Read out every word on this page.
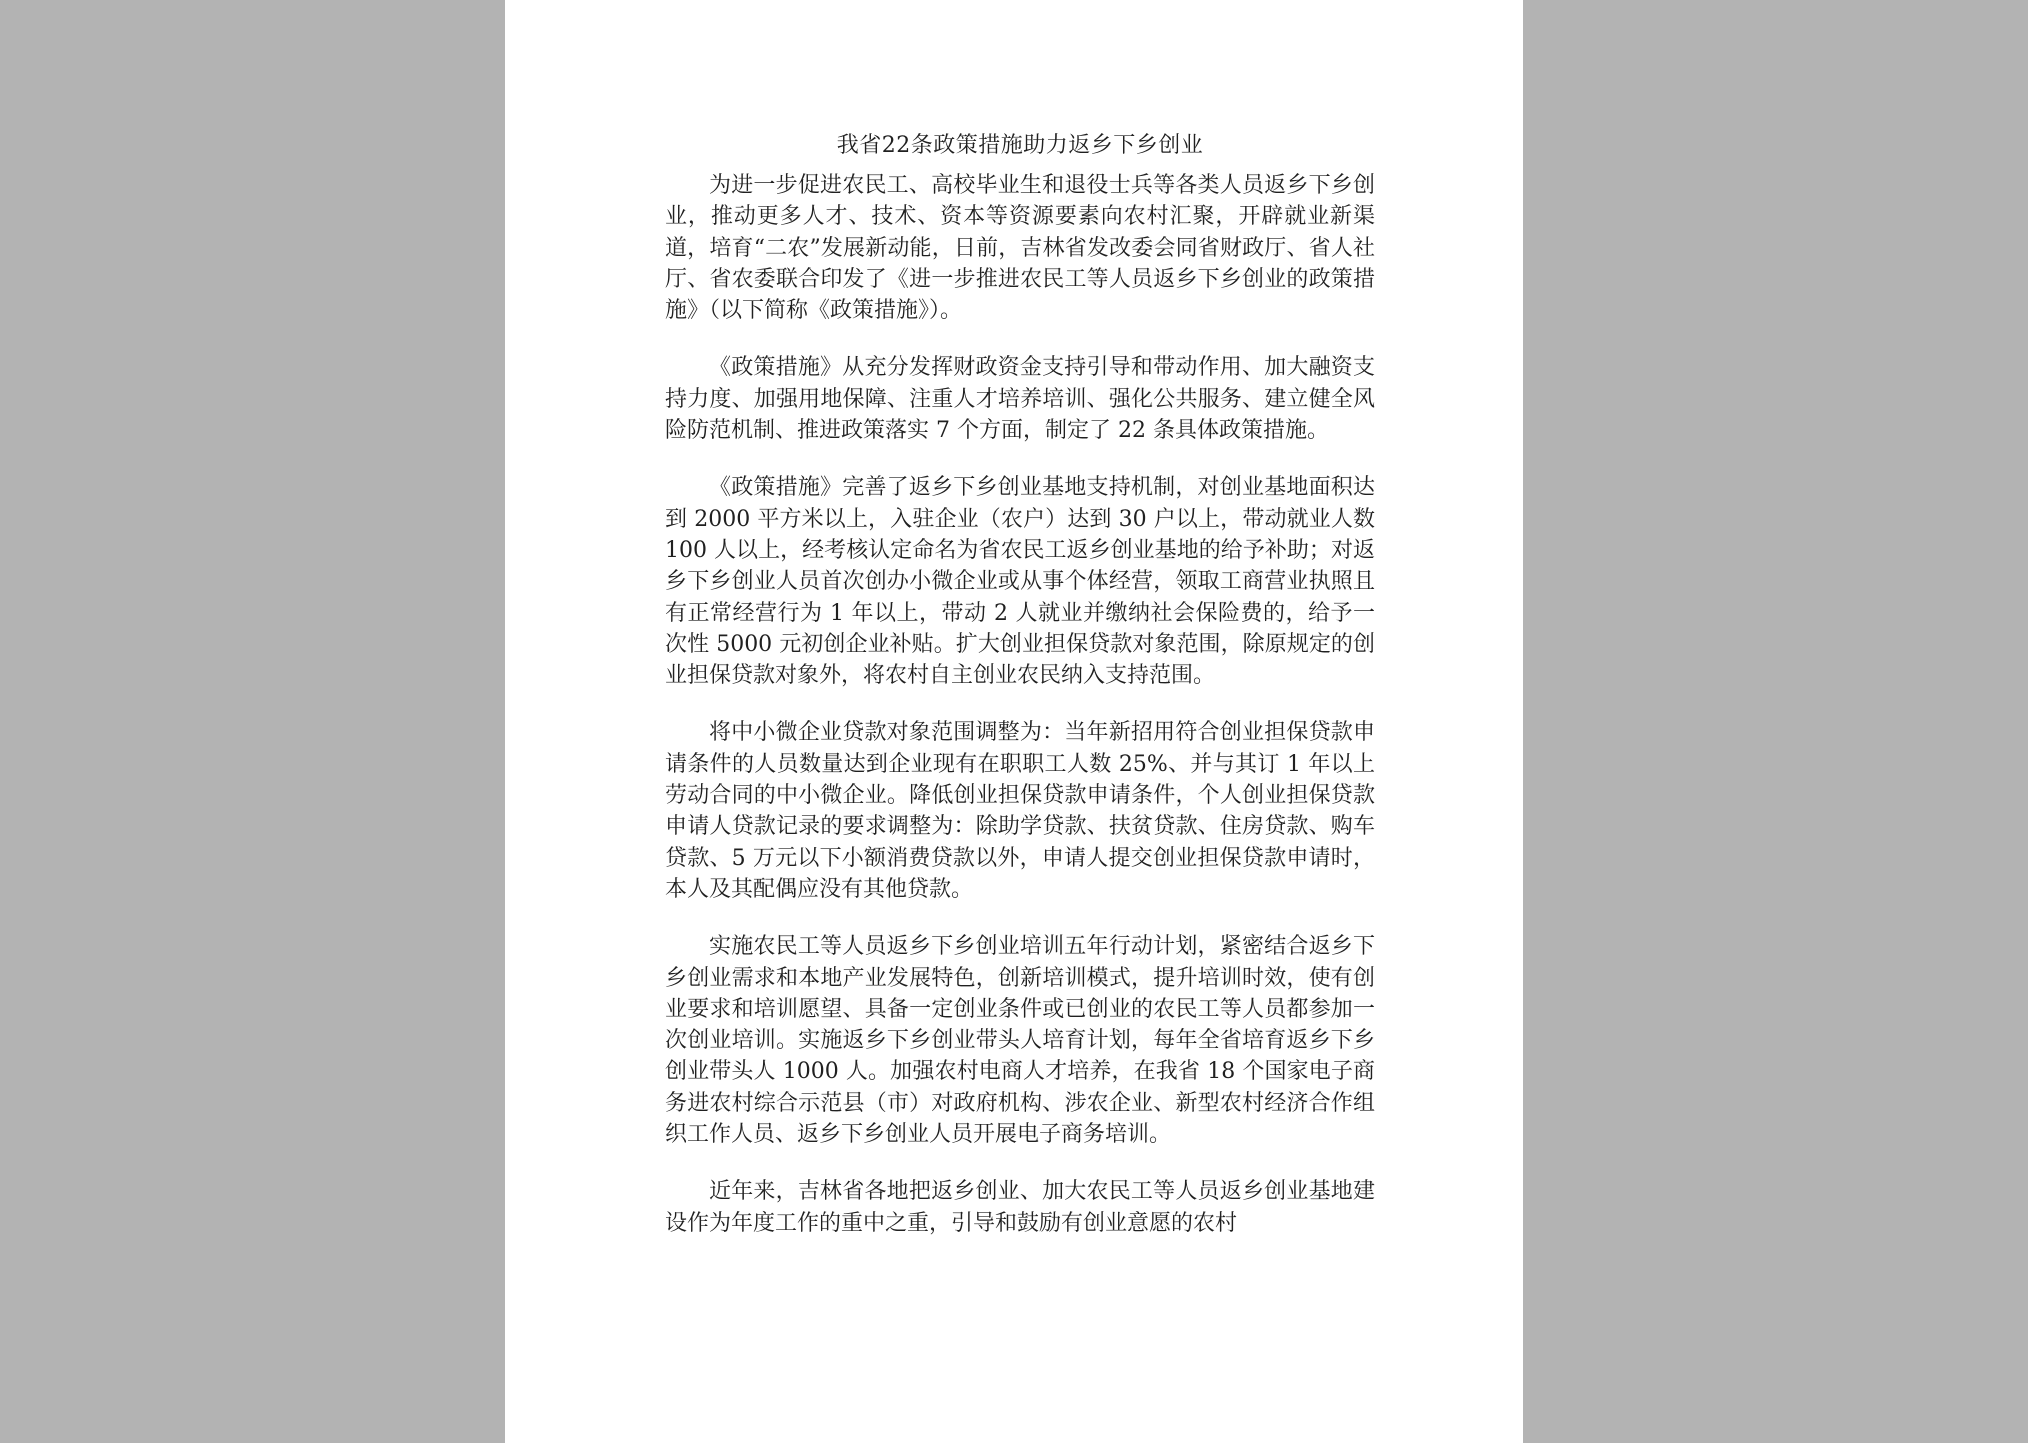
我省22条政策措施助力返乡下乡创业

为进一步促进农民工、高校毕业生和退役士兵等各类人员返乡下乡创业，推动更多人才、技术、资本等资源要素向农村汇聚，开辟就业新渠道，培育“二农”发展新动能，日前，吉林省发改委会同省财政厅、省人社厅、省农委联合印发了《进一步推进农民工等人员返乡下乡创业的政策措施》（以下简称《政策措施》）。

《政策措施》从充分发挥财政资金支持引导和带动作用、加大融资支持力度、加强用地保障、注重人才培养培训、强化公共服务、建立健全风险防范机制、推进政策落实 7 个方面，制定了 22 条具体政策措施。

《政策措施》完善了返乡下乡创业基地支持机制，对创业基地面积达到 2000 平方米以上，入驻企业（农户）达到 30 户以上，带动就业人数 100 人以上，经考核认定命名为省农民工返乡创业基地的给予补助；对返乡下乡创业人员首次创办小微企业或从事个体经营，领取工商营业执照且有正常经营行为 1 年以上，带动 2 人就业并缴纳社会保险费的，给予一次性 5000 元初创企业补贴。扩大创业担保贷款对象范围，除原规定的创业担保贷款对象外，将农村自主创业农民纳入支持范围。

将中小微企业贷款对象范围调整为：当年新招用符合创业担保贷款申请条件的人员数量达到企业现有在职职工人数 25%、并与其订 1 年以上劳动合同的中小微企业。降低创业担保贷款申请条件，个人创业担保贷款申请人贷款记录的要求调整为：除助学贷款、扶贫贷款、住房贷款、购车贷款、5 万元以下小额消费贷款以外，申请人提交创业担保贷款申请时，本人及其配偶应没有其他贷款。

实施农民工等人员返乡下乡创业培训五年行动计划，紧密结合返乡下乡创业需求和本地产业发展特色，创新培训模式，提升培训时效，使有创业要求和培训愿望、具备一定创业条件或已创业的农民工等人员都参加一次创业培训。实施返乡下乡创业带头人培育计划，每年全省培育返乡下乡创业带头人 1000 人。加强农村电商人才培养，在我省 18 个国家电子商务进农村综合示范县（市）对政府机构、涉农企业、新型农村经济合作组织工作人员、返乡下乡创业人员开展电子商务培训。

近年来，吉林省各地把返乡创业、加大农民工等人员返乡创业基地建设作为年度工作的重中之重，引导和鼓励有创业意愿的农村
